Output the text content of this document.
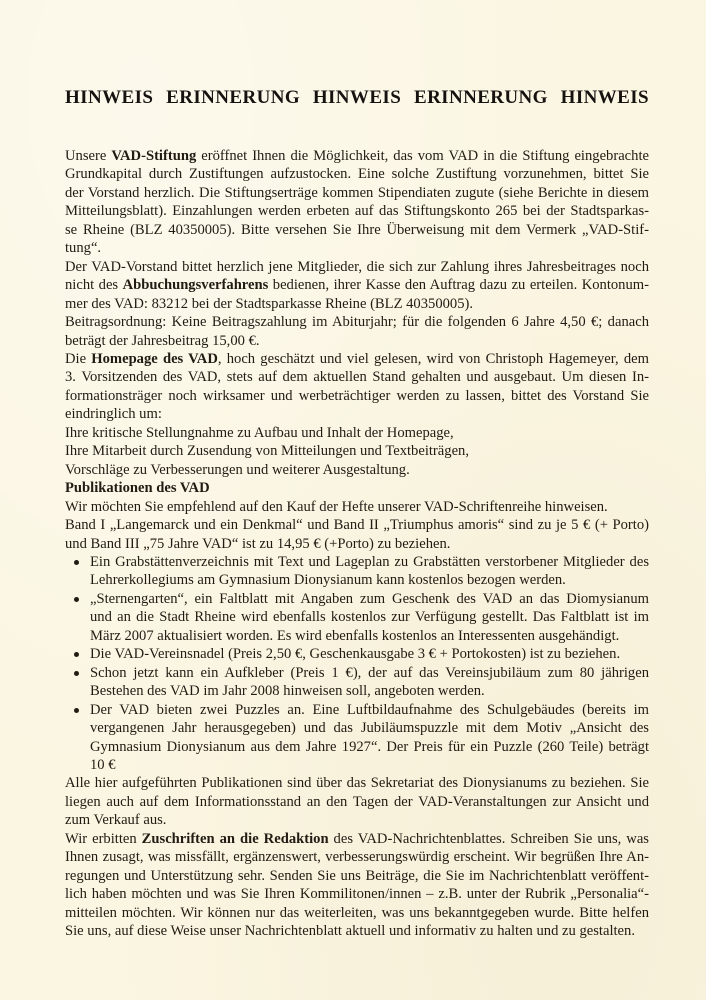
HINWEIS ERINNERUNG HINWEIS ERINNERUNG HINWEIS
Unsere VAD-Stiftung eröffnet Ihnen die Möglichkeit, das vom VAD in die Stiftung eingebrachte
Grundkapital durch Zustiftungen aufzustocken. Eine solche Zustiftung vorzunehmen, bittet Sie
der Vorstand herzlich. Die Stiftungserträge kommen Stipendiaten zugute (siehe Berichte in diesem
Mitteilungsblatt). Einzahlungen werden erbeten auf das Stiftungskonto 265 bei der Stadtsparkas-
se Rheine (BLZ 40350005). Bitte versehen Sie Ihre Überweisung mit dem Vermerk „VAD-Stif-
tung“.
Der VAD-Vorstand bittet herzlich jene Mitglieder, die sich zur Zahlung ihres Jahresbeitrages noch
nicht des Abbuchungsverfahrens bedienen, ihrer Kasse den Auftrag dazu zu erteilen. Kontonum-
mer des VAD: 83212 bei der Stadtsparkasse Rheine (BLZ 40350005).
Beitragsordnung: Keine Beitragszahlung im Abiturjahr; für die folgenden 6 Jahre 4,50 €; danach
beträgt der Jahresbeitrag 15,00 €.
Die Homepage des VAD, hoch geschätzt und viel gelesen, wird von Christoph Hagemeyer, dem
3. Vorsitzenden des VAD, stets auf dem aktuellen Stand gehalten und ausgebaut. Um diesen In-
formationsträger noch wirksamer und werbeträchtiger werden zu lassen, bittet des Vorstand Sie
eindringlich um:
Ihre kritische Stellungnahme zu Aufbau und Inhalt der Homepage,
Ihre Mitarbeit durch Zusendung von Mitteilungen und Textbeiträgen,
Vorschläge zu Verbesserungen und weiterer Ausgestaltung.
Publikationen des VAD
Wir möchten Sie empfehlend auf den Kauf der Hefte unserer VAD-Schriftenreihe hinweisen.
Band I „Langemarck und ein Denkmal“ und Band II „Triumphus amoris“ sind zu je 5 € (+ Porto)
und Band III „75 Jahre VAD“ ist zu 14,95 € (+Porto) zu beziehen.
Ein Grabstättenverzeichnis mit Text und Lageplan zu Grabstätten verstorbener Mitglieder des
Lehrerkollegiums am Gymnasium Dionysianum kann kostenlos bezogen werden.
„Sternengarten“, ein Faltblatt mit Angaben zum Geschenk des VAD an das Diomysianum
und an die Stadt Rheine wird ebenfalls kostenlos zur Verfügung gestellt. Das Faltblatt ist im
März 2007 aktualisiert worden. Es wird ebenfalls kostenlos an Interessenten ausgehändigt.
Die VAD-Vereinsnadel (Preis 2,50 €, Geschenkausgabe 3 € + Portokosten) ist zu beziehen.
Schon jetzt kann ein Aufkleber (Preis 1 €), der auf das Vereinsjubiläum zum 80 jährigen
Bestehen des VAD im Jahr 2008 hinweisen soll, angeboten werden.
Der VAD bieten zwei Puzzles an. Eine Luftbildaufnahme des Schulgebäudes (bereits im
vergangenen Jahr herausgegeben) und das Jubiläumspuzzle mit dem Motiv „Ansicht des
Gymnasium Dionysianum aus dem Jahre 1927“. Der Preis für ein Puzzle (260 Teile) beträgt
10 €
Alle hier aufgeführten Publikationen sind über das Sekretariat des Dionysianums zu beziehen. Sie
liegen auch auf dem Informationsstand an den Tagen der VAD-Veranstaltungen zur Ansicht und
zum Verkauf aus.
Wir erbitten Zuschriften an die Redaktion des VAD-Nachrichtenblattes. Schreiben Sie uns, was
Ihnen zusagt, was missfällt, ergänzenswert, verbesserungswürdig erscheint. Wir begrüßen Ihre An-
regungen und Unterstützung sehr. Senden Sie uns Beiträge, die Sie im Nachrichtenblatt veröffent-
lich haben möchten und was Sie Ihren Kommilitonen/innen – z.B. unter der Rubrik „Personalia“-
mitteilen möchten. Wir können nur das weiterleiten, was uns bekanntgegeben wurde. Bitte helfen
Sie uns, auf diese Weise unser Nachrichtenblatt aktuell und informativ zu halten und zu gestalten.
